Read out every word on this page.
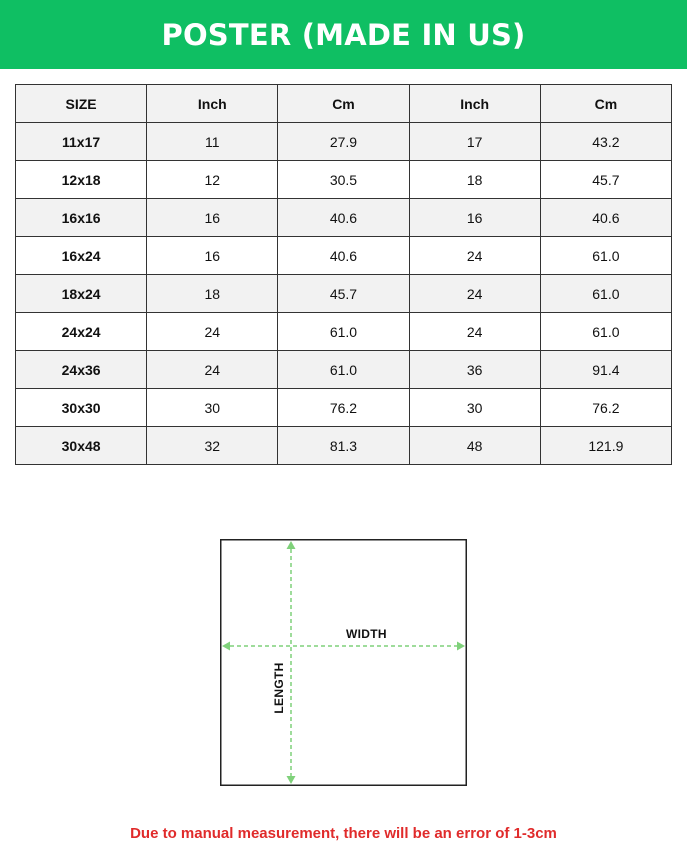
POSTER (MADE IN US)
SIZE	Inch	Cm	Inch	Cm
11x17	11	27.9	17	43.2
12x18	12	30.5	18	45.7
16x16	16	40.6	16	40.6
16x24	16	40.6	24	61.0
18x24	18	45.7	24	61.0
24x24	24	61.0	24	61.0
24x36	24	61.0	36	91.4
30x30	30	76.2	30	76.2
30x48	32	81.3	48	121.9
WIDTH
LENGTH
Due to manual measurement, there will be an error of 1-3cm
